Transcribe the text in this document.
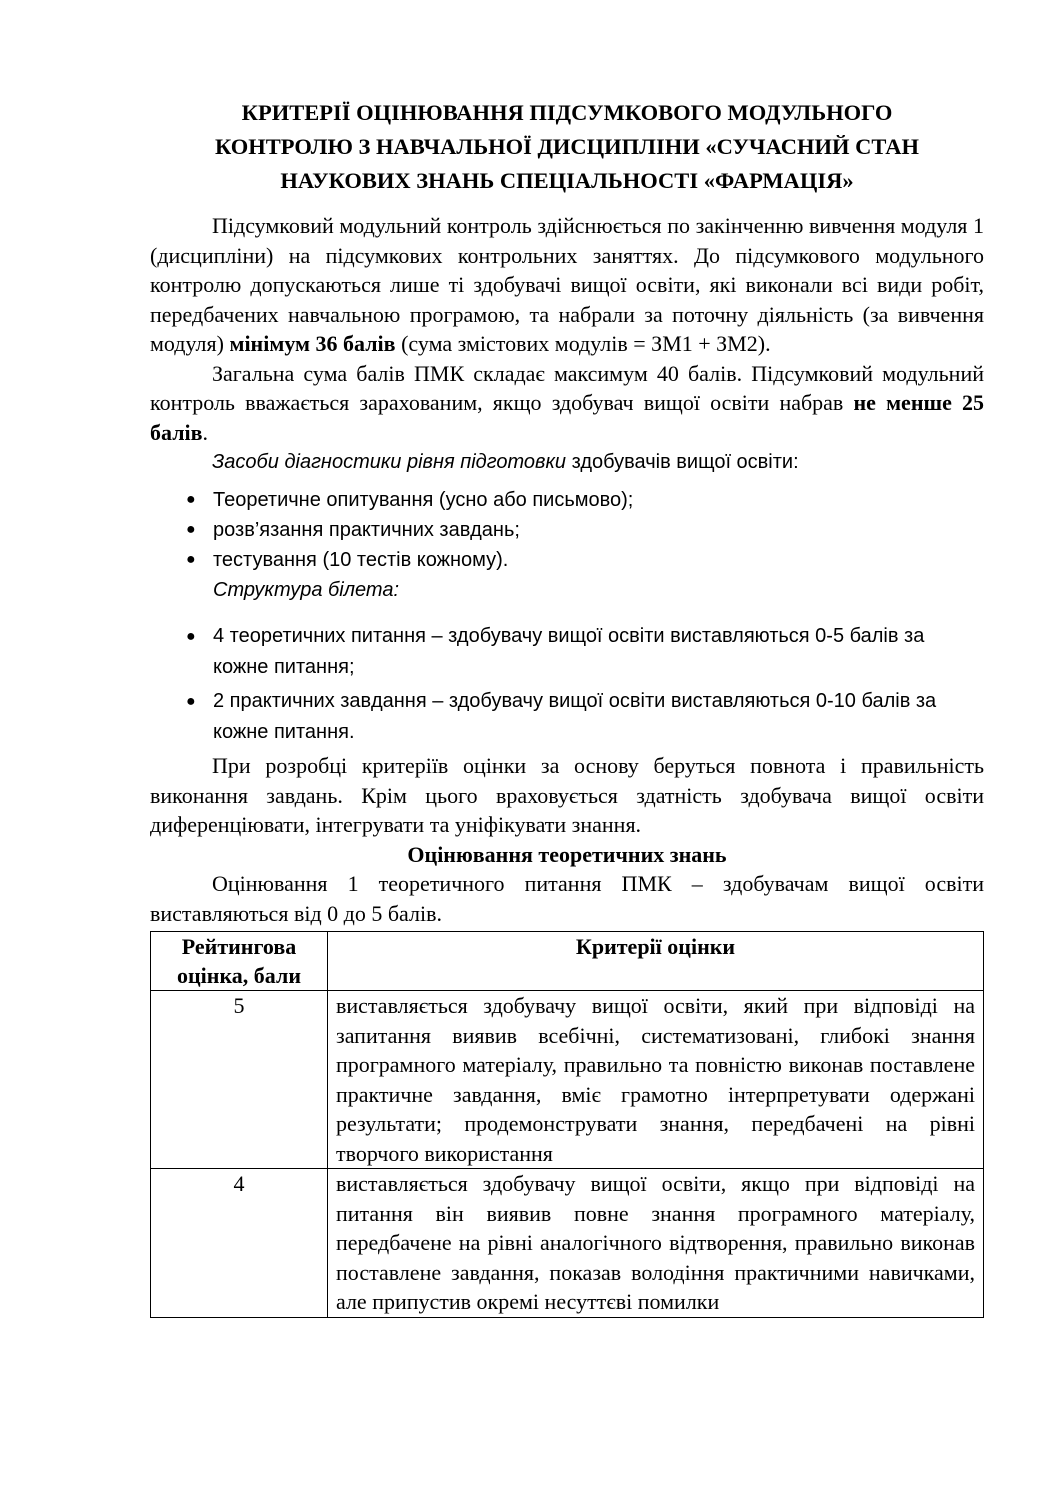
КРИТЕРІЇ ОЦІНЮВАННЯ ПІДСУМКОВОГО МОДУЛЬНОГО
КОНТРОЛЮ З НАВЧАЛЬНОЇ ДИСЦИПЛІНИ «СУЧАСНИЙ СТАН
НАУКОВИХ ЗНАНЬ СПЕЦІАЛЬНОСТІ «ФАРМАЦІЯ»

Підсумковий модульний контроль здійснюється по закінченню вивчення модуля 1 (дисципліни) на підсумкових контрольних заняттях. До підсумкового модульного контролю допускаються лише ті здобувачі вищої освіти, які виконали всі види робіт, передбачених навчальною програмою, та набрали за поточну діяльність (за вивчення модуля) мінімум 36 балів (сума змістових модулів = ЗМ1 + ЗМ2).

Загальна сума балів ПМК складає максимум 40 балів. Підсумковий модульний контроль вважається зарахованим, якщо здобувач вищої освіти набрав не менше 25 балів.

Засоби діагностики рівня підготовки здобувачів вищої освіти:

● Теоретичне опитування (усно або письмово);
● розв’язання практичних завдань;
● тестування (10 тестів кожному).
Структура білета:
● 4 теоретичних питання – здобувачу вищої освіти виставляються 0-5 балів за кожне питання;
● 2 практичних завдання – здобувачу вищої освіти виставляються 0-10 балів за кожне питання.

При розробці критеріїв оцінки за основу беруться повнота і правильність виконання завдань. Крім цього враховується здатність здобувача вищої освіти диференціювати, інтегрувати та уніфікувати знання.

Оцінювання теоретичних знань

Оцінювання 1 теоретичного питання ПМК – здобувачам вищої освіти виставляються від 0 до 5 балів.

Рейтингова оцінка, бали	Критерії оцінки
5	виставляється здобувачу вищої освіти, який при відповіді на запитання виявив всебічні, систематизовані, глибокі знання програмного матеріалу, правильно та повністю виконав поставлене практичне завдання, вміє грамотно інтерпретувати одержані результати; продемонструвати знання, передбачені на рівні творчого використання
4	виставляється здобувачу вищої освіти, якщо при відповіді на питання він виявив повне знання програмного матеріалу, передбачене на рівні аналогічного відтворення, правильно виконав поставлене завдання, показав володіння практичними навичками, але припустив окремі несуттєві помилки
